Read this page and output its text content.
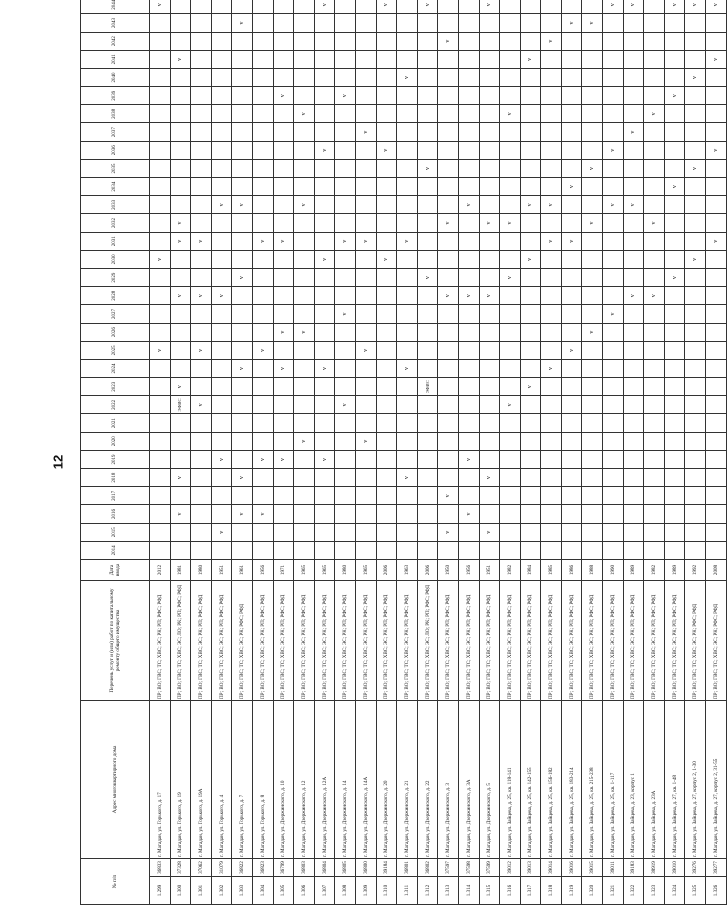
12
№ п/п		Адрес многоквартирного дома	Перечень услуг и (или) работ по капитальному ремонту общего имущества	Дата ввода	2014	2015	2016	2017	2018	2019	2020	2021	2022	2023	2024	2025	2026	2027	2028	2029	2030	2031	2032	2033	2034	2035	2036	2037	2038	2039	2040	2041	2042	2043	2044
1.299	36833	г. Магадан, ул. Горького, д. 17	ПР; ВО; ГВС; ТС; ХВС; ЭС; РК; РП; РФС; РФД	2012												v					v														v
1.300	37328	г. Магадан, ул. Горького, д. 19	ПР; ВО; ГВС; ТС; ХВС; ЭС; ЛО; РК; РП; РФС; РФД	1981			v		v				ЭФИС	v					v			v	v									v			
1.301	37062	г. Магадан, ул. Горького, д. 19А	ПР; ВО; ГВС; ТС; ХВС; ЭС; РК; РП; РФС; РФД	1980									v			v			v			v													
1.302	31079	г. Магадан, ул. Горького, д. 4	ПР; ВО; ГВС; ТС; ХВС; ЭС; РК; РП; РФС; РФД	1951		v				v									v					v											
1.303	36822	г. Магадан, ул. Горького, д. 7	ПР; ВО; ГВС; ТС; ХВС; ЭС; РК; РФС; РФД	1961			v		v						v					v				v										v	
1.304	36823	г. Магадан, ул. Горького, д. 8	ПР; ВО; ГВС; ТС; ХВС; ЭС; РК; РП; РФС; РФД	1956			v			v						v						v													
1.305	36799	г. Магадан, ул. Дзержинского, д. 10	ПР; ВО; ГВС; ТС; ХВС; ЭС; РК; РП; РФС; РФД	1971						v					v		v					v								v					
1.306	36803	г. Магадан, ул. Дзержинского, д. 12	ПР; ВО; ГВС; ТС; ХВС; ЭС; РК; РП; РФС; РФД	1965							v						v							v					v						
1.307	36804	г. Магадан, ул. Дзержинского, д. 12А	ПР; ВО; ГВС; ТС; ХВС; ЭС; РК; РП; РФС; РФД	1965						v					v						v						v								v
1.308	36805	г. Магадан, ул. Дзержинского, д. 14	ПР; ВО; ГВС; ТС; ХВС; ЭС; РК; РП; РФС; РФД	1980									v					v				v								v					
1.309	36800	г. Магадан, ул. Дзержинского, д. 14А	ПР; ВО; ГВС; ТС; ХВС; ЭС; РК; РП; РФС; РФД	1965							v					v						v						v							
1.310	39184	г. Магадан, ул. Дзержинского, д. 20	ПР; ВО; ГВС; ТС; ХВС; ЭС; РК; РП; РФС; РФД	2006																	v						v								v
1.311	36801	г. Магадан, ул. Дзержинского, д. 21	ПР; ВО; ГВС; ТС; ХВС; ЭС; РК; РП; РФС; РФД	1963					v						v							v									v				
1.312	36802	г. Магадан, ул. Дзержинского, д. 22	ПР; ВО; ГВС; ТС; ХВС; ЭС; ЛО; РК; РП; РФС; РФД	2006										ЭФИС						v						v									v
1.313	37597	г. Магадан, ул. Дзержинского, д. 3	ПР; ВО; ГВС; ТС; ХВС; ЭС; РК; РП; РФС; РФД	1950		v		v											v				v										v		
1.314	37598	г. Магадан, ул. Дзержинского, д. 3А	ПР; ВО; ГВС; ТС; ХВС; ЭС; РК; РП; РФС; РФД	1956			v			v									v					v											
1.315	37599	г. Магадан, ул. Дзержинского, д. 5	ПР; ВО; ГВС; ТС; ХВС; ЭС; РК; РП; РФС; РФД	1951		v			v										v				v												v
1.316	39012	г. Магадан, ул. Зайцева, д. 25, кв. 118-141	ПР; ВО; ГВС; ТС; ХВС; ЭС; РК; РП; РФС; РФД	1982									v							v			v						v						
1.317	39013	г. Магадан, ул. Зайцева, д. 25, кв. 142-155	ПР; ВО; ГВС; ТС; ХВС; ЭС; РК; РП; РФС; РФД	1984										v							v			v								v			
1.318	39014	г. Магадан, ул. Зайцева, д. 25, кв. 156-182	ПР; ВО; ГВС; ТС; ХВС; ЭС; РК; РП; РФС; РФД	1985											v							v		v									v		
1.319	39016	г. Магадан, ул. Зайцева, д. 25, кв. 183-214	ПР; ВО; ГВС; ТС; ХВС; ЭС; РК; РП; РФС; РФД	1986												v						v			v									v	
1.320	39015	г. Магадан, ул. Зайцева, д. 25, кв. 215-238	ПР; ВО; ГВС; ТС; ХВС; ЭС; РК; РП; РФС; РФД	1988													v						v			v								v	
1.321	39011	г. Магадан, ул. Зайцева, д. 25, кв. 1-117	ПР; ВО; ГВС; ТС; ХВС; ЭС; РК; РП; РФС; РФД	1990														v						v			v								v
1.322	39183	г. Магадан, ул. Зайцева, д. 23, корпус 1	ПР; ВО; ГВС; ТС; ХВС; ЭС; РК; РП; РФС; РФД	1989															v					v				v							v
1.323	38919	г. Магадан, ул. Зайцева, д. 23А	ПР; ВО; ГВС; ТС; ХВС; ЭС; РК; РП; РФС; РФД	1982															v				v						v						
1.324	39010	г. Магадан, ул. Зайцева, д. 27, кв. 1-48	ПР; ВО; ГВС; ТС; ХВС; ЭС; РК; РП; РФС; РФД	1989																v					v					v					v
1.325	39276	г. Магадан, ул. Зайцева, д. 27, корпус 2, 1-30	ПР; ВО; ГВС; ТС; ХВС; ЭС; РК; РФС; РФД	1992																	v					v					v				v
1.326	39277	г. Магадан, ул. Зайцева, д. 27, корпус 2, 31-55	ПР; ВО; ГВС; ТС; ХВС; ЭС; РК; РФС; РФД	2008																		v					v					v			v
